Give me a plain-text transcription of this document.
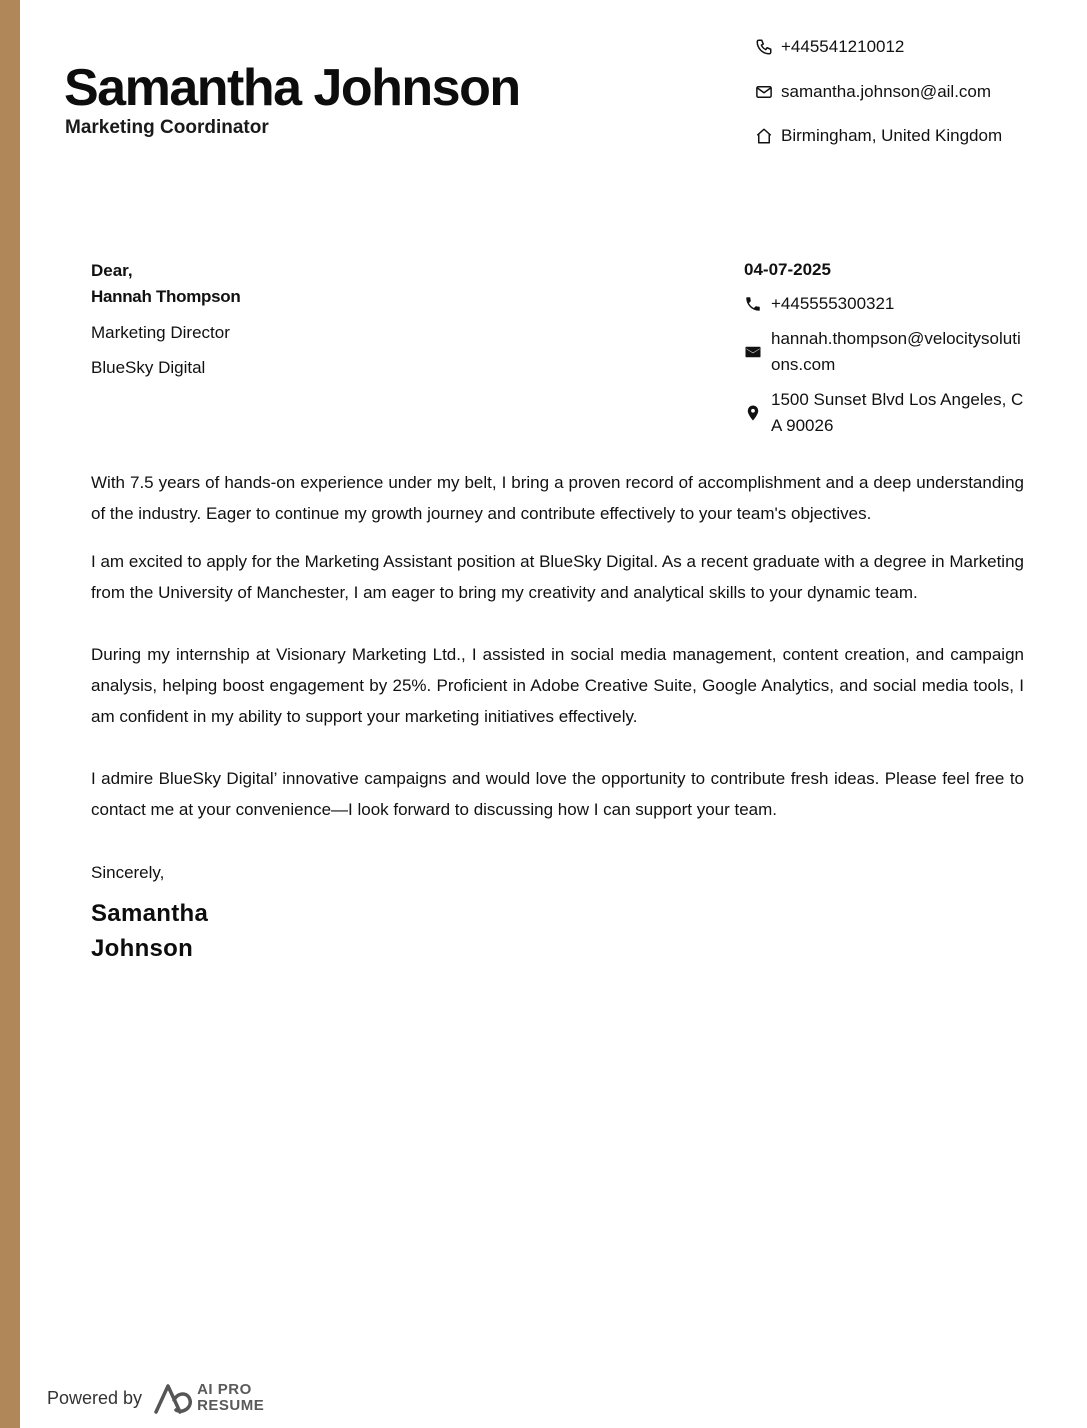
Samantha Johnson
Marketing Coordinator
+445541210012
samantha.johnson@ail.com
Birmingham, United Kingdom
Dear,
Hannah Thompson
Marketing Director
BlueSky Digital
04-07-2025
+445555300321
hannah.thompson@velocitysolutions.com
1500 Sunset Blvd Los Angeles, CA 90026

With 7.5 years of hands-on experience under my belt, I bring a proven record of accomplishment and a deep understanding of the industry. Eager to continue my growth journey and contribute effectively to your team's objectives.

I am excited to apply for the Marketing Assistant position at BlueSky Digital. As a recent graduate with a degree in Marketing from the University of Manchester, I am eager to bring my creativity and analytical skills to your dynamic team.

During my internship at Visionary Marketing Ltd., I assisted in social media management, content creation, and campaign analysis, helping boost engagement by 25%. Proficient in Adobe Creative Suite, Google Analytics, and social media tools, I am confident in my ability to support your marketing initiatives effectively.

I admire BlueSky Digital’ innovative campaigns and would love the opportunity to contribute fresh ideas. Please feel free to contact me at your convenience—I look forward to discussing how I can support your team.

Sincerely,
Samantha
Johnson
Powered by	AI PRO
RESUME
